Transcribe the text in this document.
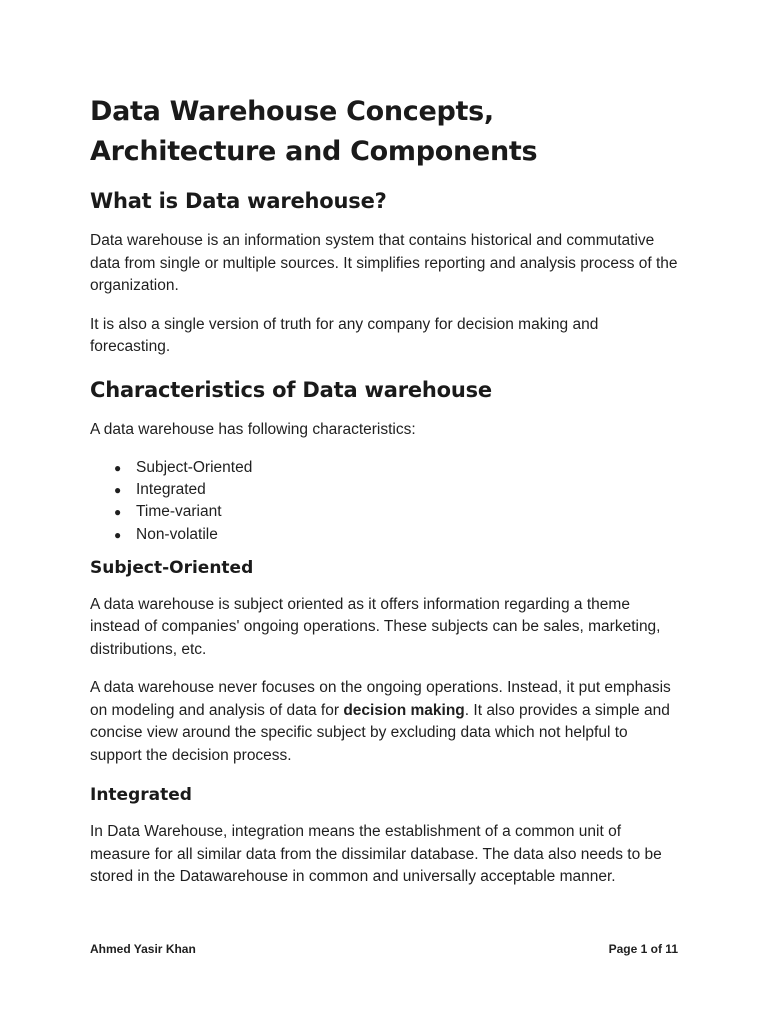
Data Warehouse Concepts, Architecture and Components
What is Data warehouse?

Data warehouse is an information system that contains historical and commutative data from single or multiple sources. It simplifies reporting and analysis process of the organization.

It is also a single version of truth for any company for decision making and forecasting.

Characteristics of Data warehouse

A data warehouse has following characteristics:

● Subject-Oriented
● Integrated
● Time-variant
● Non-volatile
Subject-Oriented

A data warehouse is subject oriented as it offers information regarding a theme instead of companies' ongoing operations. These subjects can be sales, marketing, distributions, etc.

A data warehouse never focuses on the ongoing operations. Instead, it put emphasis on modeling and analysis of data for decision making. It also provides a simple and concise view around the specific subject by excluding data which not helpful to support the decision process.

Integrated

In Data Warehouse, integration means the establishment of a common unit of measure for all similar data from the dissimilar database. The data also needs to be stored in the Datawarehouse in common and universally acceptable manner.

Ahmed Yasir Khan	Page 1 of 11
